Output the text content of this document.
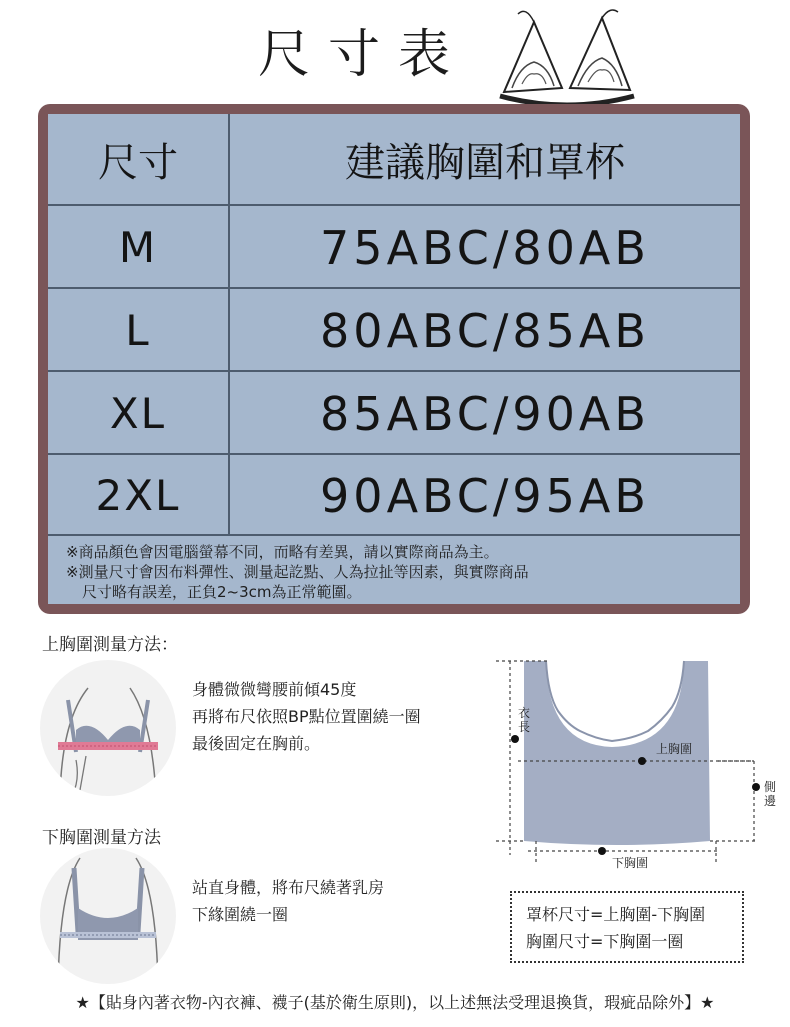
尺寸表
尺寸	建議胸圍和罩杯
M	75ABC/80AB
L	80ABC/85AB
XL	85ABC/90AB
2XL	90ABC/95AB
※商品顏色會因電腦螢幕不同，而略有差異，請以實際商品為主。
※測量尺寸會因布料彈性、測量起訖點、人為拉扯等因素，與實際商品
尺寸略有誤差，正負2~3cm為正常範圍。
上胸圍測量方法：
身體微微彎腰前傾45度
再將布尺依照BP點位置圍繞一圈
最後固定在胸前。
下胸圍測量方法
站直身體，將布尺繞著乳房
下緣圍繞一圈
衣長
上胸圍
側邊
下胸圍
罩杯尺寸=上胸圍-下胸圍
胸圍尺寸=下胸圍一圈
★【貼身內著衣物-內衣褲、襪子(基於衛生原則)，以上述無法受理退換貨，瑕疵品除外】★
